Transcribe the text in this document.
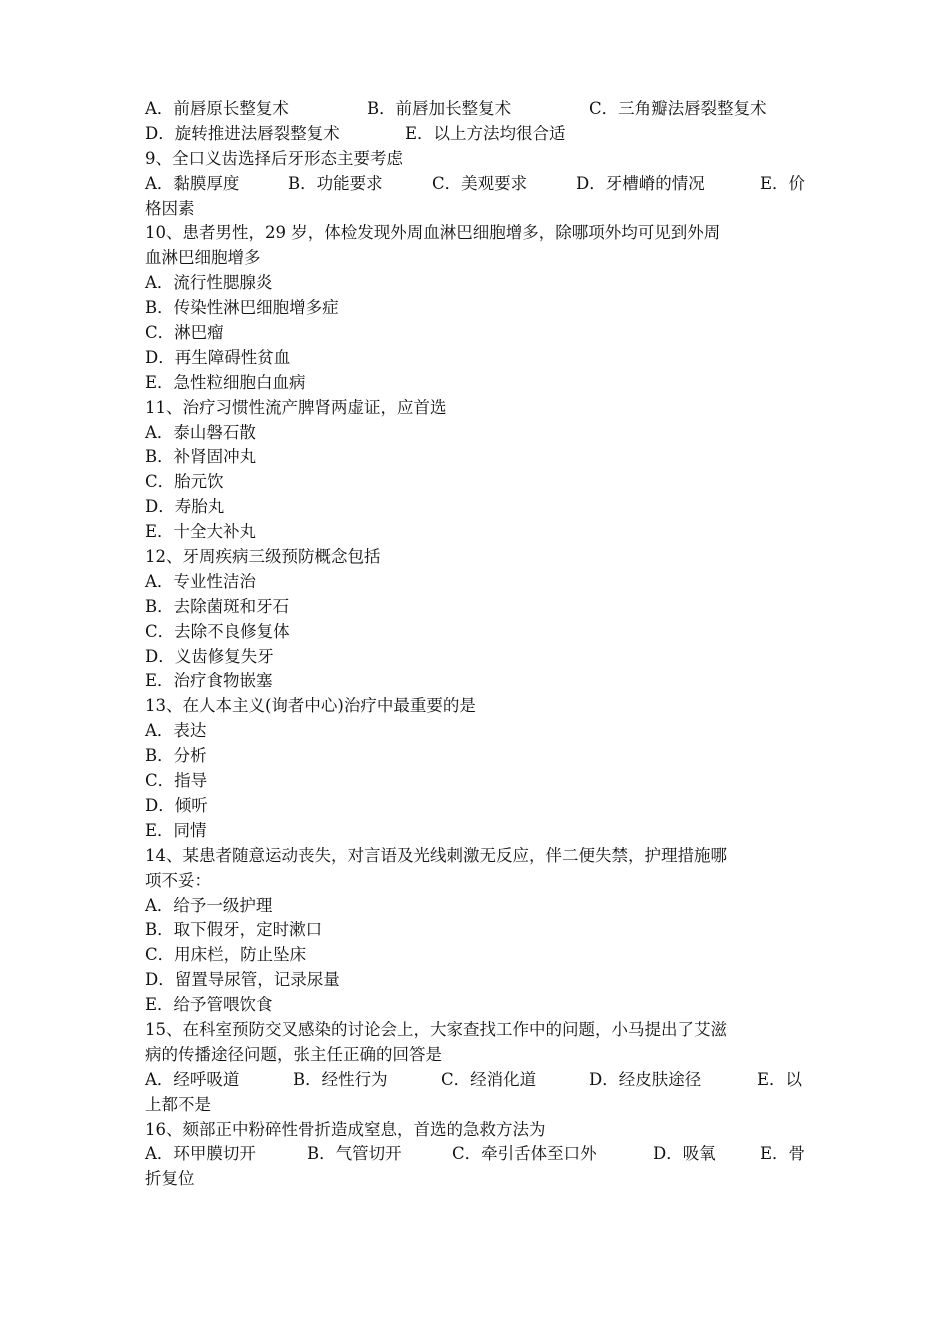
A．前唇原长整复术	B．前唇加长整复术	C．三角瓣法唇裂整复术
D．旋转推进法唇裂整复术	E．以上方法均很合适
9、全口义齿选择后牙形态主要考虑
A．黏膜厚度	B．功能要求	C．美观要求	D．牙槽嵴的情况	E．价
格因素
10、患者男性，29 岁，体检发现外周血淋巴细胞增多，除哪项外均可见到外周
血淋巴细胞增多
A．流行性腮腺炎
B．传染性淋巴细胞增多症
C．淋巴瘤
D．再生障碍性贫血
E．急性粒细胞白血病
11、治疗习惯性流产脾肾两虚证，应首选
A．泰山磐石散
B．补肾固冲丸
C．胎元饮
D．寿胎丸
E．十全大补丸
12、牙周疾病三级预防概念包括
A．专业性洁治
B．去除菌斑和牙石
C．去除不良修复体
D．义齿修复失牙
E．治疗食物嵌塞
13、在人本主义(询者中心)治疗中最重要的是
A．表达
B．分析
C．指导
D．倾听
E．同情
14、某患者随意运动丧失，对言语及光线刺激无反应，伴二便失禁，护理措施哪
项不妥：
A．给予一级护理
B．取下假牙，定时漱口
C．用床栏，防止坠床
D．留置导尿管，记录尿量
E．给予管喂饮食
15、在科室预防交叉感染的讨论会上，大家查找工作中的问题，小马提出了艾滋
病的传播途径问题，张主任正确的回答是
A．经呼吸道	B．经性行为	C．经消化道	D．经皮肤途径	E．以
上都不是
16、颏部正中粉碎性骨折造成窒息，首选的急救方法为
A．环甲膜切开	B．气管切开	C．牵引舌体至口外	D．吸氧	E．骨
折复位
